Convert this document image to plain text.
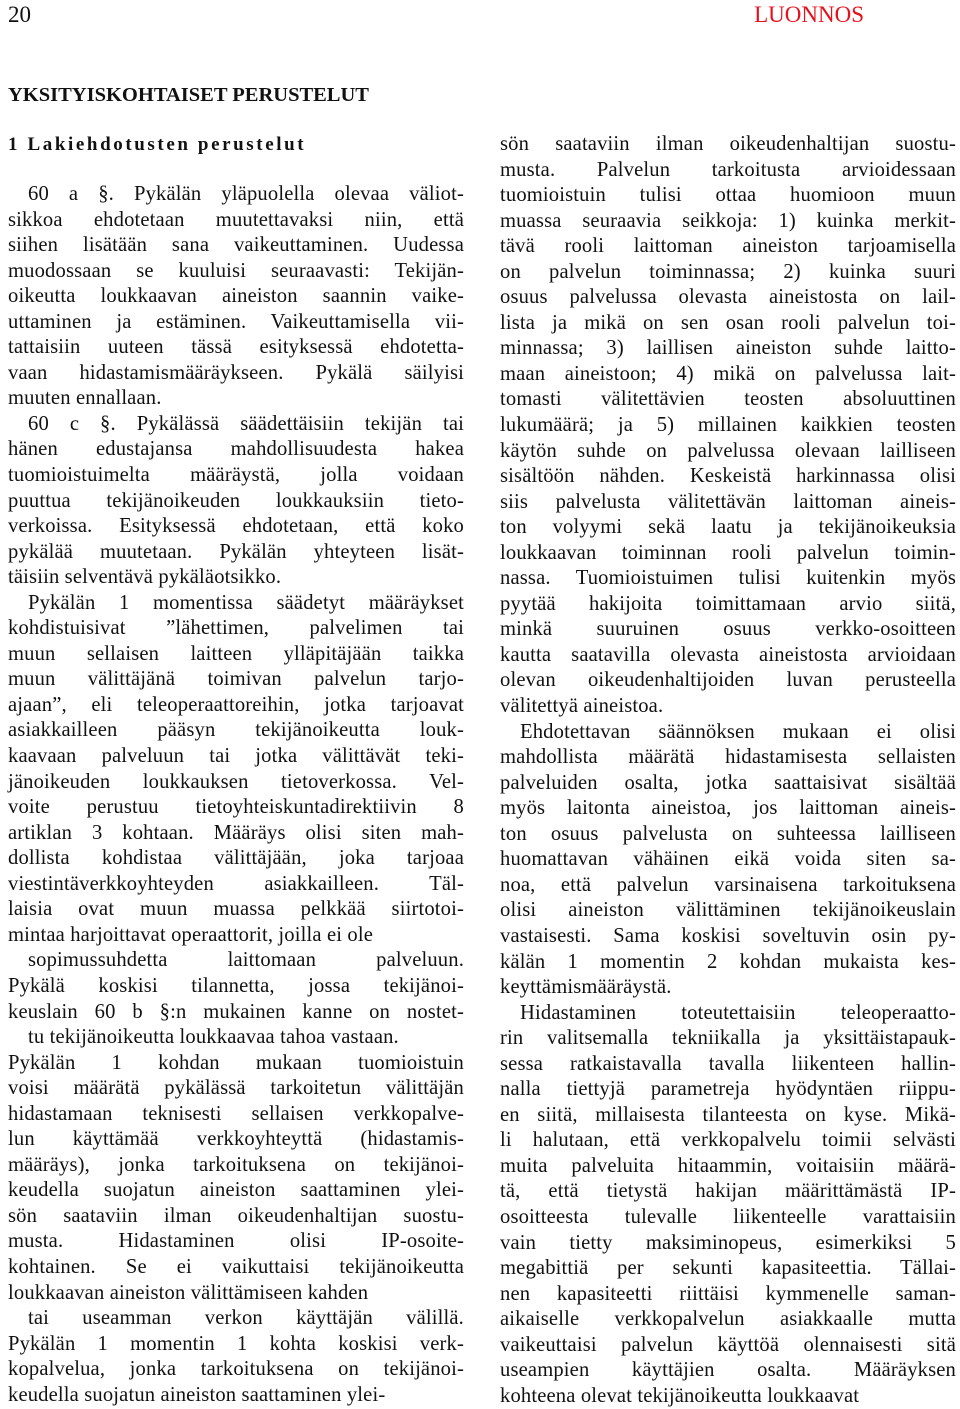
20	LUONNOS
YKSITYISKOHTAISET PERUSTELUT
1 Lakiehdotusten perustelut
60 a §. Pykälän yläpuolella olevaa väliot-
sikkoa ehdotetaan muutettavaksi niin, että
siihen lisätään sana vaikeuttaminen. Uudessa
muodossaan se kuuluisi seuraavasti: Tekijän-
oikeutta loukkaavan aineiston saannin vaike-
uttaminen ja estäminen. Vaikeuttamisella vii-
tattaisiin uuteen tässä esityksessä ehdotetta-
vaan hidastamismääräykseen. Pykälä säilyisi
muuten ennallaan.
60 c §. Pykälässä säädettäisiin tekijän tai
hänen edustajansa mahdollisuudesta hakea
tuomioistuimelta määräystä, jolla voidaan
puuttua tekijänoikeuden loukkauksiin tieto-
verkoissa. Esityksessä ehdotetaan, että koko
pykälää muutetaan. Pykälän yhteyteen lisät-
täisiin selventävä pykäläotsikko.
Pykälän 1 momentissa säädetyt määräykset
kohdistuisivat ”lähettimen, palvelimen tai
muun sellaisen laitteen ylläpitäjään taikka
muun välittäjänä toimivan palvelun tarjo-
ajaan”, eli teleoperaattoreihin, jotka tarjoavat
asiakkailleen pääsyn tekijänoikeutta louk-
kaavaan palveluun tai jotka välittävät teki-
jänoikeuden loukkauksen tietoverkossa. Vel-
voite perustuu tietoyhteiskuntadirektiivin 8
artiklan 3 kohtaan. Määräys olisi siten mah-
dollista kohdistaa välittäjään, joka tarjoaa
viestintäverkkoyhteyden asiakkailleen. Täl-
laisia ovat muun muassa pelkkää siirtotoi-
mintaa harjoittavat operaattorit, joilla ei ole
sopimussuhdetta laittomaan palveluun.
Pykälä koskisi tilannetta, jossa tekijänoi-
keuslain 60 b §:n mukainen kanne on nostet-
tu tekijänoikeutta loukkaavaa tahoa vastaan.
Pykälän 1 kohdan mukaan tuomioistuin
voisi määrätä pykälässä tarkoitetun välittäjän
hidastamaan teknisesti sellaisen verkkopalve-
lun käyttämää verkkoyhteyttä (hidastamis-
määräys), jonka tarkoituksena on tekijänoi-
keudella suojatun aineiston saattaminen ylei-
sön saataviin ilman oikeudenhaltijan suostu-
musta. Hidastaminen olisi IP-osoite-
kohtainen. Se ei vaikuttaisi tekijänoikeutta
loukkaavan aineiston välittämiseen kahden
tai useamman verkon käyttäjän välillä.
Pykälän 1 momentin 1 kohta koskisi verk-
kopalvelua, jonka tarkoituksena on tekijänoi-
keudella suojatun aineiston saattaminen ylei-
sön saataviin ilman oikeudenhaltijan suostu-
musta. Palvelun tarkoitusta arvioidessaan
tuomioistuin tulisi ottaa huomioon muun
muassa seuraavia seikkoja: 1) kuinka merkit-
tävä rooli laittoman aineiston tarjoamisella
on palvelun toiminnassa; 2) kuinka suuri
osuus palvelussa olevasta aineistosta on lail-
lista ja mikä on sen osan rooli palvelun toi-
minnassa; 3) laillisen aineiston suhde laitto-
maan aineistoon; 4) mikä on palvelussa lait-
tomasti välitettävien teosten absoluuttinen
lukumäärä; ja 5) millainen kaikkien teosten
käytön suhde on palvelussa olevaan lailliseen
sisältöön nähden. Keskeistä harkinnassa olisi
siis palvelusta välitettävän laittoman aineis-
ton volyymi sekä laatu ja tekijänoikeuksia
loukkaavan toiminnan rooli palvelun toimin-
nassa. Tuomioistuimen tulisi kuitenkin myös
pyytää hakijoita toimittamaan arvio siitä,
minkä suuruinen osuus verkko-osoitteen
kautta saatavilla olevasta aineistosta arvioidaan
olevan oikeudenhaltijoiden luvan perusteella
välitettyä aineistoa.
Ehdotettavan säännöksen mukaan ei olisi
mahdollista määrätä hidastamisesta sellaisten
palveluiden osalta, jotka saattaisivat sisältää
myös laitonta aineistoa, jos laittoman aineis-
ton osuus palvelusta on suhteessa lailliseen
huomattavan vähäinen eikä voida siten sa-
noa, että palvelun varsinaisena tarkoituksena
olisi aineiston välittäminen tekijänoikeuslain
vastaisesti. Sama koskisi soveltuvin osin py-
kälän 1 momentin 2 kohdan mukaista kes-
keyttämismääräystä.
Hidastaminen toteutettaisiin teleoperaatto-
rin valitsemalla tekniikalla ja yksittäistapauk-
sessa ratkaistavalla tavalla liikenteen hallin-
nalla tiettyjä parametreja hyödyntäen riippu-
en siitä, millaisesta tilanteesta on kyse. Mikä-
li halutaan, että verkkopalvelu toimii selvästi
muita palveluita hitaammin, voitaisiin määrä-
tä, että tietystä hakijan määrittämästä IP-
osoitteesta tulevalle liikenteelle varattaisiin
vain tietty maksiminopeus, esimerkiksi 5
megabittiä per sekunti kapasiteettia. Tällai-
nen kapasiteetti riittäisi kymmenelle saman-
aikaiselle verkkopalvelun asiakkaalle mutta
vaikeuttaisi palvelun käyttöä olennaisesti sitä
useampien käyttäjien osalta. Määräyksen
kohteena olevat tekijänoikeutta loukkaavat
